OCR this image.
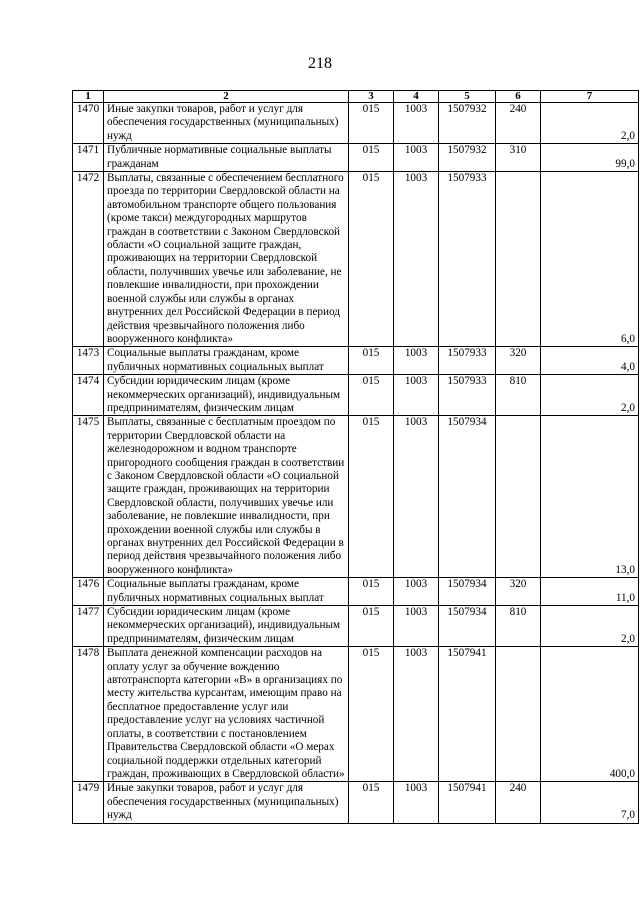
218
1	2	3	4	5	6	7
1470	Иные закупки товаров, работ и услуг для обеспечения государственных (муниципальных) нужд	015	1003	1507932	240	2,0
1471	Публичные нормативные социальные выплаты гражданам	015	1003	1507932	310	99,0
1472	Выплаты, связанные с обеспечением бесплатного проезда по территории Свердловской области на автомобильном транспорте общего пользования (кроме такси) междугородных маршрутов граждан в соответствии с Законом Свердловской области «О социальной защите граждан, проживающих на территории Свердловской области, получивших увечье или заболевание, не повлекшие инвалидности, при прохождении военной службы или службы в органах внутренних дел Российской Федерации в период действия чрезвычайного положения либо вооруженного конфликта»	015	1003	1507933		6,0
1473	Социальные выплаты гражданам, кроме публичных нормативных социальных выплат	015	1003	1507933	320	4,0
1474	Субсидии юридическим лицам (кроме некоммерческих организаций), индивидуальным предпринимателям, физическим лицам	015	1003	1507933	810	2,0
1475	Выплаты, связанные с бесплатным проездом по территории Свердловской области на железнодорожном и водном транспорте пригородного сообщения граждан в соответствии с Законом Свердловской области «О социальной защите граждан, проживающих на территории Свердловской области, получивших увечье или заболевание, не повлекшие инвалидности, при прохождении военной службы или службы в органах внутренних дел Российской Федерации в период действия чрезвычайного положения либо вооруженного конфликта»	015	1003	1507934		13,0
1476	Социальные выплаты гражданам, кроме публичных нормативных социальных выплат	015	1003	1507934	320	11,0
1477	Субсидии юридическим лицам (кроме некоммерческих организаций), индивидуальным предпринимателям, физическим лицам	015	1003	1507934	810	2,0
1478	Выплата денежной компенсации расходов на оплату услуг за обучение вождению автотранспорта категории «В» в организациях по месту жительства курсантам, имеющим право на бесплатное предоставление услуг или предоставление услуг на условиях частичной оплаты, в соответствии с постановлением Правительства Свердловской области «О мерах социальной поддержки отдельных категорий граждан, проживающих в Свердловской области»	015	1003	1507941		400,0
1479	Иные закупки товаров, работ и услуг для обеспечения государственных (муниципальных) нужд	015	1003	1507941	240	7,0
